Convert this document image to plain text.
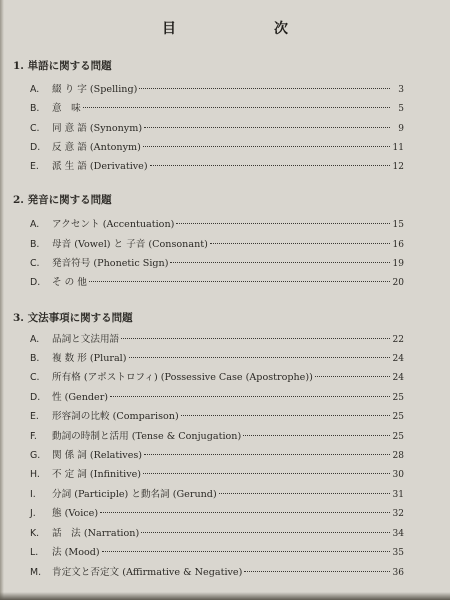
目　次
1. 単語に関する問題
A.	綴 り 字 (Spelling)	3
B.	意　味	5
C.	同 意 語 (Synonym)	9
D.	反 意 語 (Antonym)	11
E.	派 生 語 (Derivative)	12
2. 発音に関する問題
A.	アクセント (Accentuation)	15
B.	母音 (Vowel) と 子音 (Consonant)	16
C.	発音符号 (Phonetic Sign)	19
D.	そ の 他	20
3. 文法事項に関する問題
A.	品詞と文法用語	22
B.	複 数 形 (Plural)	24
C.	所有格 (アポストロフィ) (Possessive Case (Apostrophe))	24
D.	性 (Gender)	25
E.	形容詞の比較 (Comparison)	25
F.	動詞の時制と活用 (Tense & Conjugation)	25
G.	関 係 詞 (Relatives)	28
H.	不 定 詞 (Infinitive)	30
I.	分詞 (Participle) と動名詞 (Gerund)	31
J.	態 (Voice)	32
K.	話　法 (Narration)	34
L.	法 (Mood)	35
M.	肯定文と否定文 (Affirmative & Negative)	36
